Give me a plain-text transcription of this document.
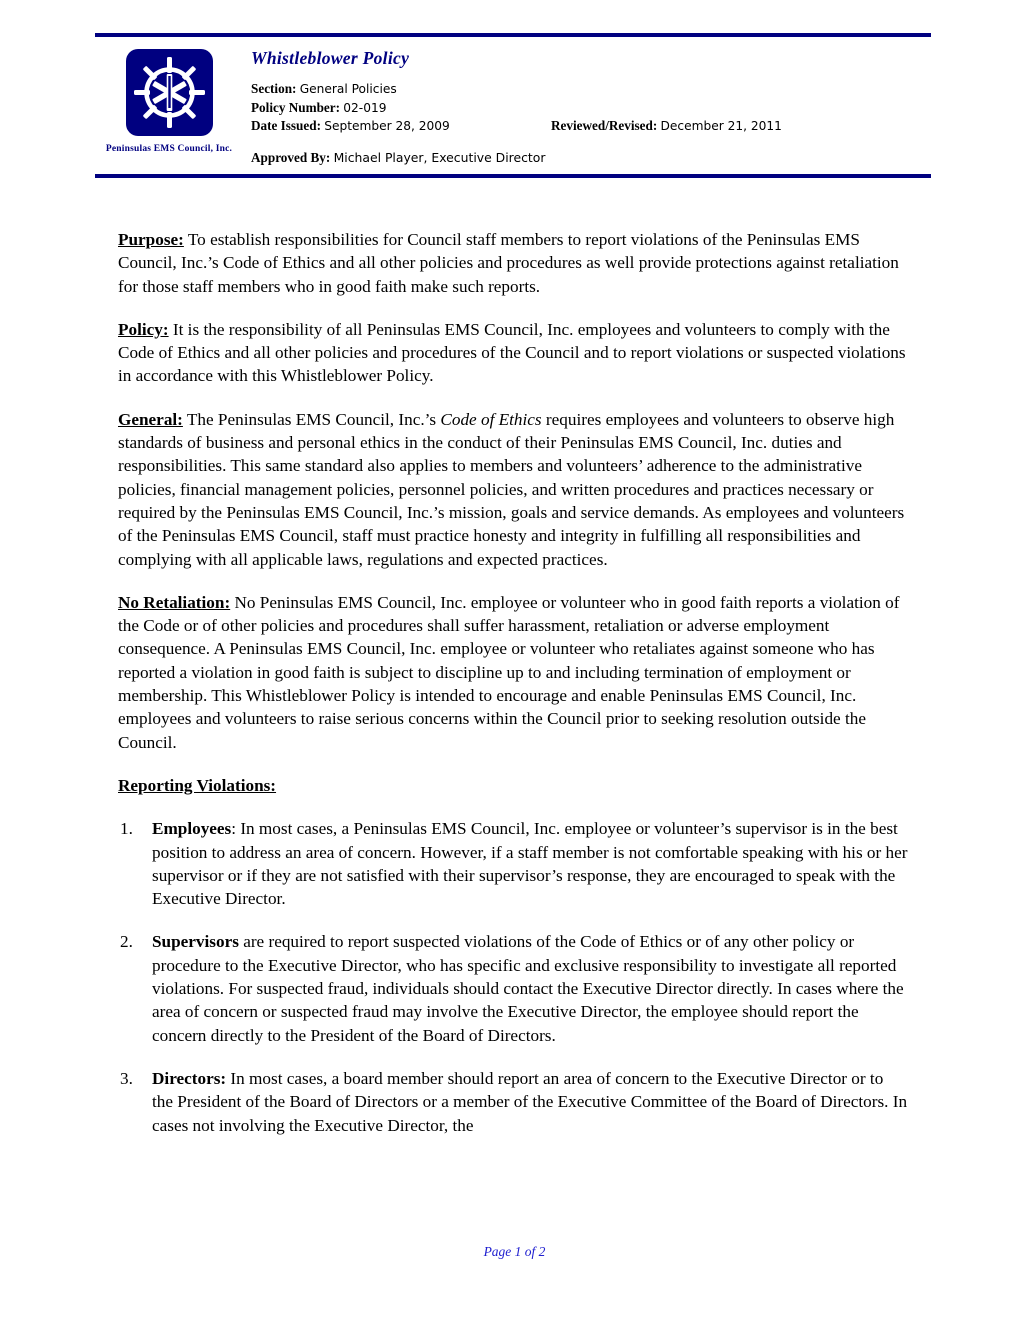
Peninsulas EMS Council, Inc.
Whistleblower Policy
Section: General Policies
Policy Number: 02-019
Date Issued: September 28, 2009	Reviewed/Revised: December 21, 2011
Approved By: Michael Player, Executive Director

Purpose: To establish responsibilities for Council staff members to report violations of the Peninsulas EMS Council, Inc.’s Code of Ethics and all other policies and procedures as well provide protections against retaliation for those staff members who in good faith make such reports.

Policy: It is the responsibility of all Peninsulas EMS Council, Inc. employees and volunteers to comply with the Code of Ethics and all other policies and procedures of the Council and to report violations or suspected violations in accordance with this Whistleblower Policy.

General: The Peninsulas EMS Council, Inc.’s Code of Ethics requires employees and volunteers to observe high standards of business and personal ethics in the conduct of their Peninsulas EMS Council, Inc. duties and responsibilities. This same standard also applies to members and volunteers’ adherence to the administrative policies, financial management policies, personnel policies, and written procedures and practices necessary or required by the Peninsulas EMS Council, Inc.’s mission, goals and service demands. As employees and volunteers of the Peninsulas EMS Council, staff must practice honesty and integrity in fulfilling all responsibilities and complying with all applicable laws, regulations and expected practices.

No Retaliation: No Peninsulas EMS Council, Inc. employee or volunteer who in good faith reports a violation of the Code or of other policies and procedures shall suffer harassment, retaliation or adverse employment consequence. A Peninsulas EMS Council, Inc. employee or volunteer who retaliates against someone who has reported a violation in good faith is subject to discipline up to and including termination of employment or membership. This Whistleblower Policy is intended to encourage and enable Peninsulas EMS Council, Inc. employees and volunteers to raise serious concerns within the Council prior to seeking resolution outside the Council.

Reporting Violations:
1.	Employees: In most cases, a Peninsulas EMS Council, Inc. employee or volunteer’s supervisor is in the best position to address an area of concern. However, if a staff member is not comfortable speaking with his or her supervisor or if they are not satisfied with their supervisor’s response, they are encouraged to speak with the Executive Director.
2.	Supervisors are required to report suspected violations of the Code of Ethics or of any other policy or procedure to the Executive Director, who has specific and exclusive responsibility to investigate all reported violations. For suspected fraud, individuals should contact the Executive Director directly. In cases where the area of concern or suspected fraud may involve the Executive Director, the employee should report the concern directly to the President of the Board of Directors.
3.	Directors: In most cases, a board member should report an area of concern to the Executive Director or to the President of the Board of Directors or a member of the Executive Committee of the Board of Directors. In cases not involving the Executive Director, the
Page 1 of 2
